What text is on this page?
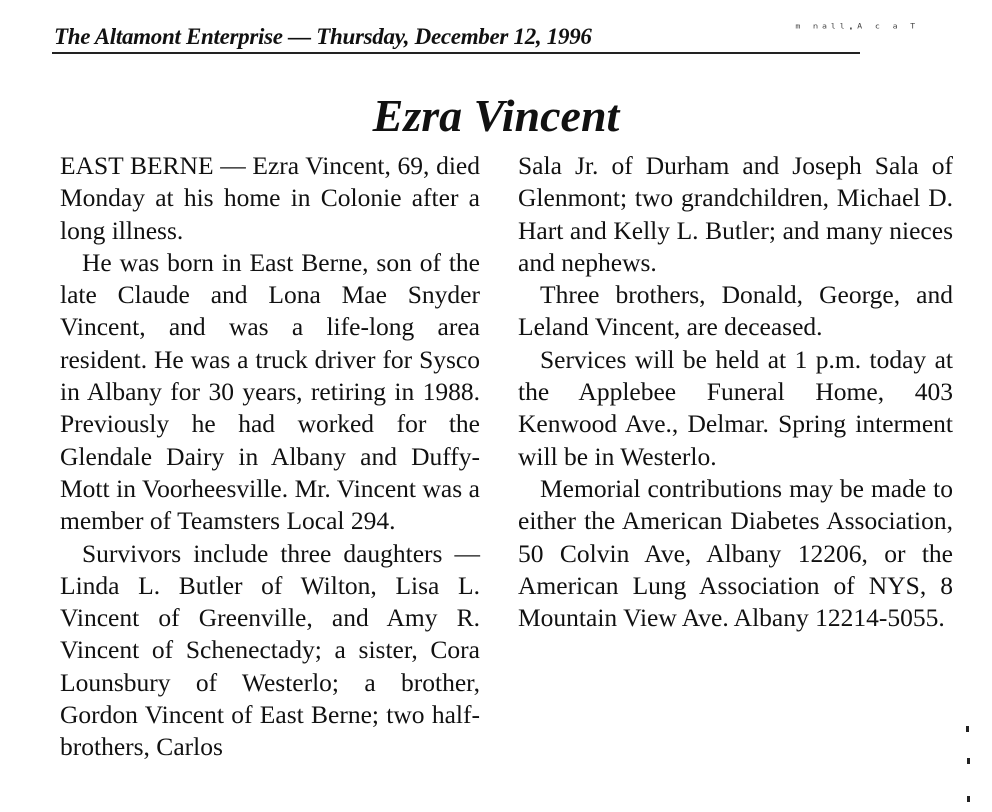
The Altamont Enterprise — Thursday, December 12, 1996	ᵐ ⁿᵃˡˡ·ᴬ ᶜ ᵃ ᵀ
Ezra Vincent

EAST BERNE — Ezra Vincent, 69, died Monday at his home in Colonie after a long illness.

He was born in East Berne, son of the late Claude and Lona Mae Snyder Vincent, and was a life-long area resident. He was a truck driver for Sysco in Albany for 30 years, retiring in 1988. Previously he had worked for the Glendale Dairy in Albany and Duffy-Mott in Voorheesville. Mr. Vincent was a member of Teamsters Local 294.

Survivors include three daughters — Linda L. Butler of Wilton, Lisa L. Vincent of Greenville, and Amy R. Vincent of Schenectady; a sister, Cora Lounsbury of Westerlo; a brother, Gordon Vincent of East Berne; two half-brothers, Carlos

Sala Jr. of Durham and Joseph Sala of Glenmont; two grandchildren, Michael D. Hart and Kelly L. Butler; and many nieces and nephews.

Three brothers, Donald, George, and Leland Vincent, are deceased.

Services will be held at 1 p.m. today at the Applebee Funeral Home, 403 Kenwood Ave., Delmar. Spring interment will be in Westerlo.

Memorial contributions may be made to either the American Diabetes Association, 50 Colvin Ave, Albany 12206, or the American Lung Association of NYS, 8 Mountain View Ave. Albany 12214-5055.
